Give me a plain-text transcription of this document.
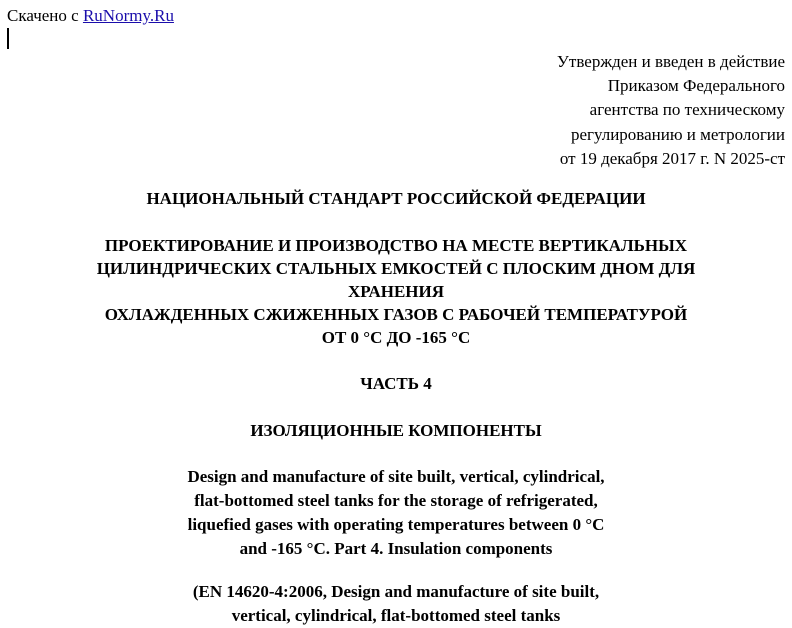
Скачено с RuNormy.Ru
Утвержден и введен в действие
Приказом Федерального
агентства по техническому
регулированию и метрологии
от 19 декабря 2017 г. N 2025-ст
НАЦИОНАЛЬНЫЙ СТАНДАРТ РОССИЙСКОЙ ФЕДЕРАЦИИ
ПРОЕКТИРОВАНИЕ И ПРОИЗВОДСТВО НА МЕСТЕ ВЕРТИКАЛЬНЫХ
ЦИЛИНДРИЧЕСКИХ СТАЛЬНЫХ ЕМКОСТЕЙ С ПЛОСКИМ ДНОМ ДЛЯ
ХРАНЕНИЯ
ОХЛАЖДЕННЫХ СЖИЖЕННЫХ ГАЗОВ С РАБОЧЕЙ ТЕМПЕРАТУРОЙ
ОТ 0 °С ДО -165 °С
ЧАСТЬ 4
ИЗОЛЯЦИОННЫЕ КОМПОНЕНТЫ
Design and manufacture of site built, vertical, cylindrical,
flat-bottomed steel tanks for the storage of refrigerated,
liquefied gases with operating temperatures between 0 °C
and -165 °C. Part 4. Insulation components
(EN 14620-4:2006, Design and manufacture of site built,
vertical, cylindrical, flat-bottomed steel tanks
